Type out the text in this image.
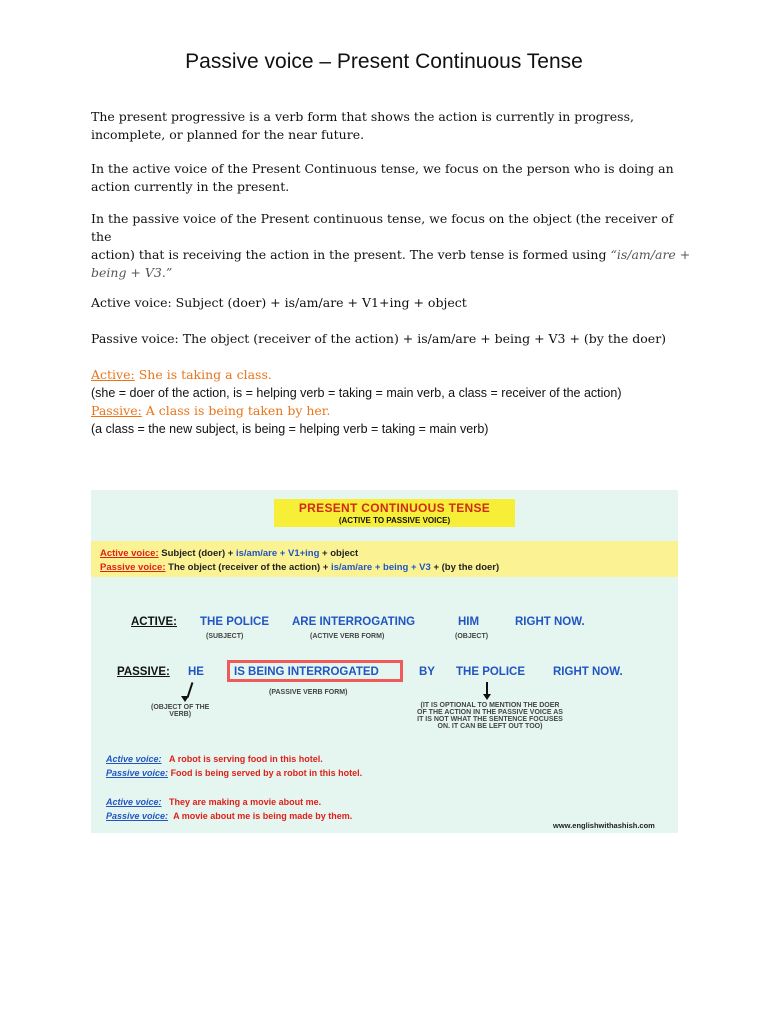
Passive voice – Present Continuous Tense
The present progressive is a verb form that shows the action is currently in progress,
incomplete, or planned for the near future.
In the active voice of the Present Continuous tense, we focus on the person who is doing an
action currently in the present.
In the passive voice of the Present continuous tense, we focus on the object (the receiver of the
action) that is receiving the action in the present. The verb tense is formed using “is/am/are +
being + V3.”
Active voice: Subject (doer) + is/am/are + V1+ing + object
Passive voice: The object (receiver of the action) + is/am/are + being + V3 + (by the doer)
Active: She is taking a class.
(she = doer of the action, is = helping verb = taking = main verb, a class = receiver of the action)
Passive: A class is being taken by her.
(a class = the new subject, is being = helping verb = taking = main verb)
PRESENT CONTINUOUS TENSE
(ACTIVE TO PASSIVE VOICE)
Active voice: Subject (doer) + is/am/are + V1+ing + object
Passive voice: The object (receiver of the action) + is/am/are + being + V3 + (by the doer)
ACTIVE: THE POLICE ARE INTERROGATING	HIM	RIGHT NOW.
(SUBJECT)	(ACTIVE VERB FORM)	(OBJECT)
PASSIVE: HE	IS BEING INTERROGATED	BY THE POLICE RIGHT NOW.
(PASSIVE VERB FORM)
(OBJECT OF THE
VERB)
(IT IS OPTIONAL TO MENTION THE DOER
OF THE ACTION IN THE PASSIVE VOICE AS
IT IS NOT WHAT THE SENTENCE FOCUSES
ON. IT CAN BE LEFT OUT TOO)
Active voice: A robot is serving food in this hotel.
Passive voice: Food is being served by a robot in this hotel.
Active voice: They are making a movie about me.
Passive voice: A movie about me is being made by them.
www.englishwithashish.com
